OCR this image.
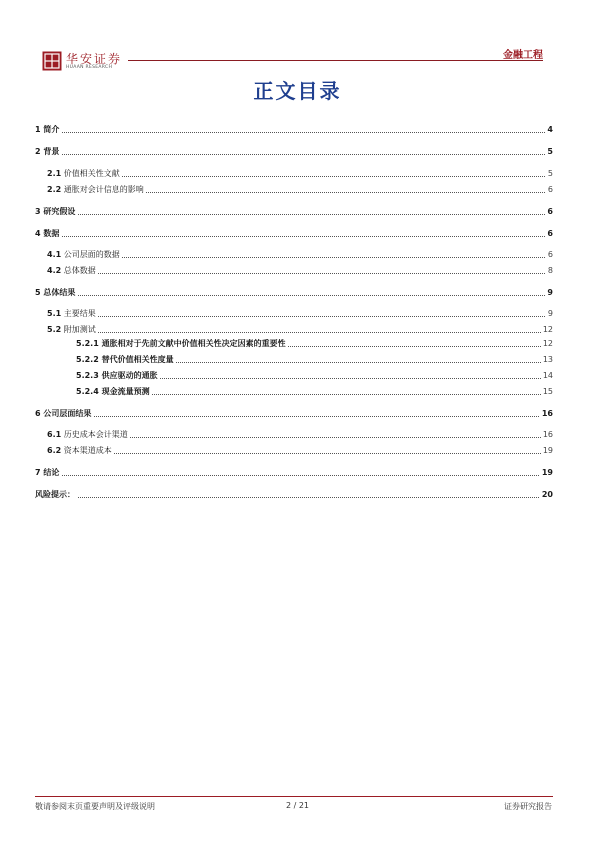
华安证券
HUAAN RESEARCH
金融工程
正文目录
1 简介	4
2 背景	5
2.1 价值相关性文献	5
2.2 通胀对会计信息的影响	6
3 研究假设	6
4 数据	6
4.1 公司层面的数据	6
4.2 总体数据	8
5 总体结果	9
5.1 主要结果	9
5.2 附加测试	12
5.2.1 通胀相对于先前文献中价值相关性决定因素的重要性	12
5.2.2 替代价值相关性度量	13
5.2.3 供应驱动的通胀	14
5.2.4 现金流量预测	15
6 公司层面结果	16
6.1 历史成本会计渠道	16
6.2 资本渠道成本	19
7 结论	19
风险提示：	20
敬请参阅末页重要声明及评级说明	2 / 21	证券研究报告
